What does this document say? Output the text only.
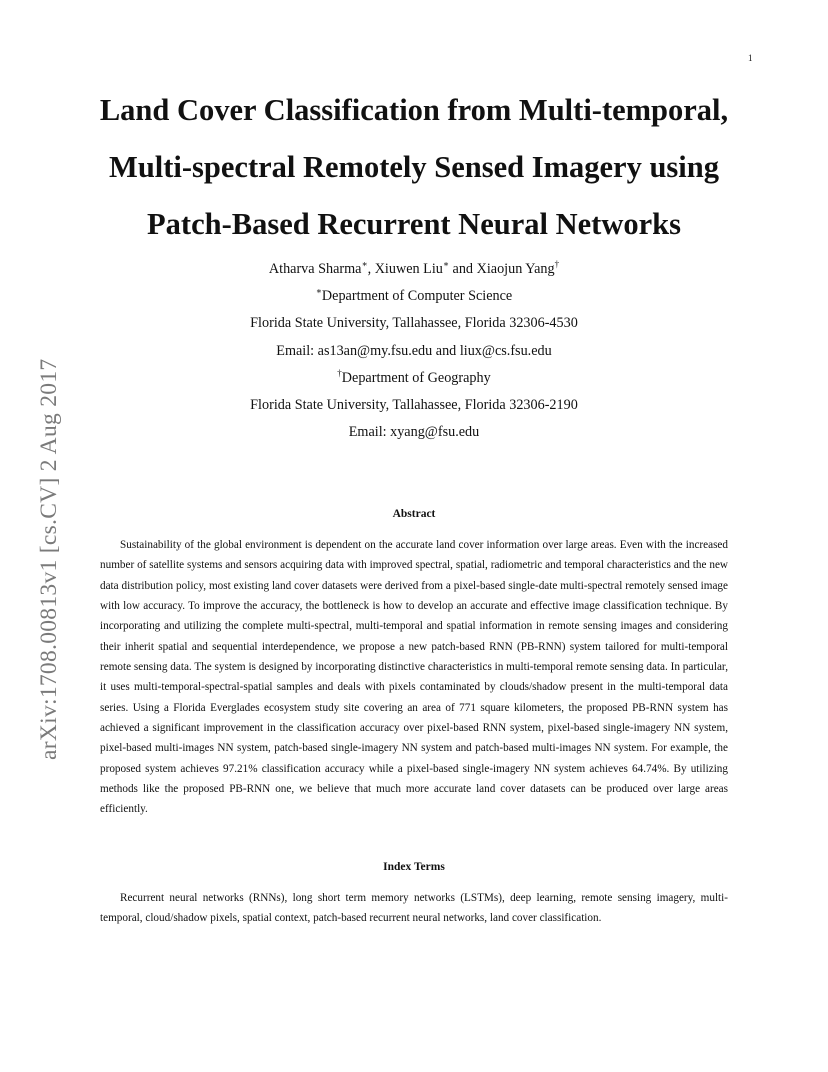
1
arXiv:1708.00813v1 [cs.CV] 2 Aug 2017
Land Cover Classification from Multi-temporal,
Multi-spectral Remotely Sensed Imagery using
Patch-Based Recurrent Neural Networks
Atharva Sharma∗, Xiuwen Liu∗ and Xiaojun Yang†
∗Department of Computer Science
Florida State University, Tallahassee, Florida 32306-4530
Email: as13an@my.fsu.edu and liux@cs.fsu.edu
†Department of Geography
Florida State University, Tallahassee, Florida 32306-2190
Email: xyang@fsu.edu
Abstract

Sustainability of the global environment is dependent on the accurate land cover information over large areas. Even with the increased number of satellite systems and sensors acquiring data with improved spectral, spatial, radiometric and temporal characteristics and the new data distribution policy, most existing land cover datasets were derived from a pixel-based single-date multi-spectral remotely sensed image with low accuracy. To improve the accuracy, the bottleneck is how to develop an accurate and effective image classification technique. By incorporating and utilizing the complete multi-spectral, multi-temporal and spatial information in remote sensing images and considering their inherit spatial and sequential interdependence, we propose a new patch-based RNN (PB-RNN) system tailored for multi-temporal remote sensing data. The system is designed by incorporating distinctive characteristics in multi-temporal remote sensing data. In particular, it uses multi-temporal-spectral-spatial samples and deals with pixels contaminated by clouds/shadow present in the multi-temporal data series. Using a Florida Everglades ecosystem study site covering an area of 771 square kilometers, the proposed PB-RNN system has achieved a significant improvement in the classification accuracy over pixel-based RNN system, pixel-based single-imagery NN system, pixel-based multi-images NN system, patch-based single-imagery NN system and patch-based multi-images NN system. For example, the proposed system achieves 97.21% classification accuracy while a pixel-based single-imagery NN system achieves 64.74%. By utilizing methods like the proposed PB-RNN one, we believe that much more accurate land cover datasets can be produced over large areas efficiently.

Index Terms

Recurrent neural networks (RNNs), long short term memory networks (LSTMs), deep learning, remote sensing imagery, multi-temporal, cloud/shadow pixels, spatial context, patch-based recurrent neural networks, land cover classification.
